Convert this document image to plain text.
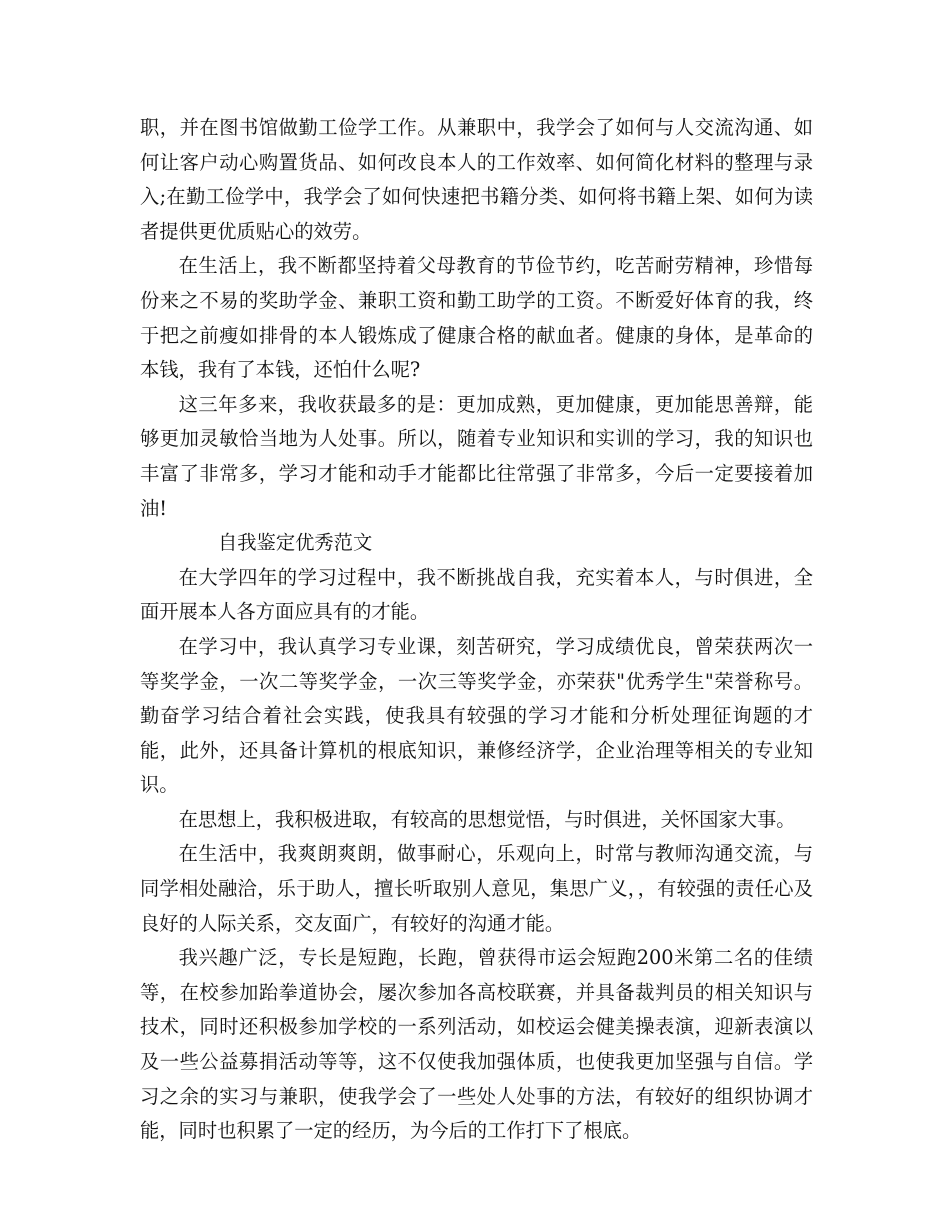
职，并在图书馆做勤工俭学工作。从兼职中，我学会了如何与人交流沟通、如何让客户动心购置货品、如何改良本人的工作效率、如何简化材料的整理与录入;在勤工俭学中，我学会了如何快速把书籍分类、如何将书籍上架、如何为读者提供更优质贴心的效劳。

在生活上，我不断都坚持着父母教育的节俭节约，吃苦耐劳精神，珍惜每份来之不易的奖助学金、兼职工资和勤工助学的工资。不断爱好体育的我，终于把之前瘦如排骨的本人锻炼成了健康合格的献血者。健康的身体，是革命的本钱，我有了本钱，还怕什么呢?

这三年多来，我收获最多的是：更加成熟，更加健康，更加能思善辩，能够更加灵敏恰当地为人处事。所以，随着专业知识和实训的学习，我的知识也丰富了非常多，学习才能和动手才能都比往常强了非常多，今后一定要接着加油!

自我鉴定优秀范文

在大学四年的学习过程中，我不断挑战自我，充实着本人，与时俱进，全面开展本人各方面应具有的才能。

在学习中，我认真学习专业课，刻苦研究，学习成绩优良，曾荣获两次一等奖学金，一次二等奖学金，一次三等奖学金，亦荣获"优秀学生"荣誉称号。勤奋学习结合着社会实践，使我具有较强的学习才能和分析处理征询题的才能，此外，还具备计算机的根底知识，兼修经济学，企业治理等相关的专业知识。

在思想上，我积极进取，有较高的思想觉悟，与时俱进，关怀国家大事。

在生活中，我爽朗爽朗，做事耐心，乐观向上，时常与教师沟通交流，与同学相处融洽，乐于助人，擅长听取别人意见，集思广义，，有较强的责任心及良好的人际关系，交友面广，有较好的沟通才能。

我兴趣广泛，专长是短跑，长跑，曾获得市运会短跑200米第二名的佳绩等，在校参加跆拳道协会，屡次参加各高校联赛，并具备裁判员的相关知识与技术，同时还积极参加学校的一系列活动，如校运会健美操表演，迎新表演以及一些公益募捐活动等等，这不仅使我加强体质，也使我更加坚强与自信。学习之余的实习与兼职，使我学会了一些处人处事的方法，有较好的组织协调才能，同时也积累了一定的经历，为今后的工作打下了根底。
